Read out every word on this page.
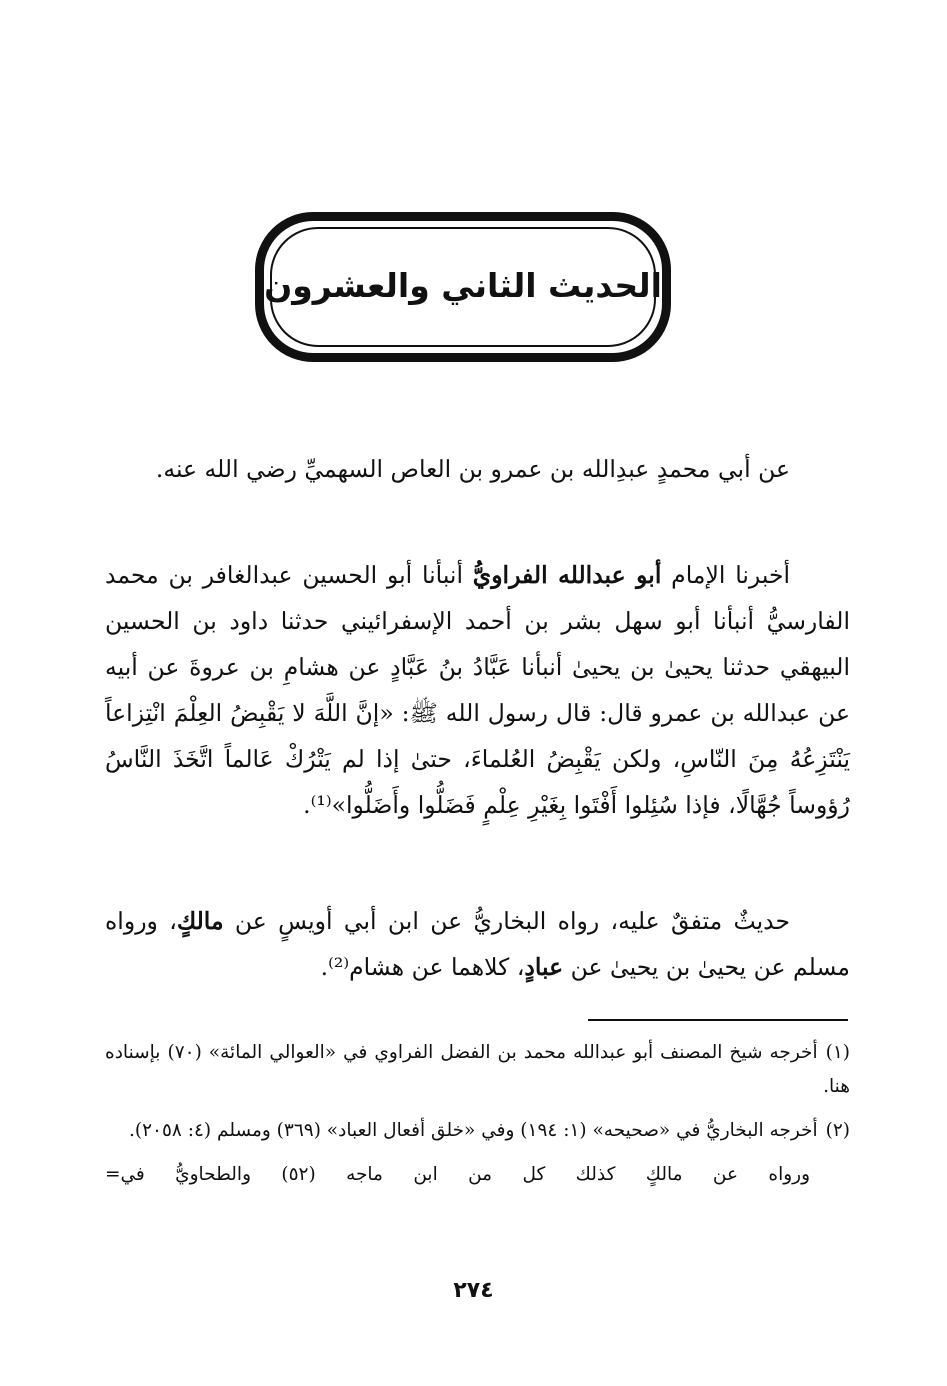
الحديث الثاني والعشرون

عن أبي محمدٍ عبدِالله بن عمرو بن العاص السهميِّ رضي الله عنه.

أخبرنا الإمام أبو عبدالله الفراويُّ أنبأنا أبو الحسين عبدالغافر بن محمد الفارسيُّ أنبأنا أبو سهل بشر بن أحمد الإسفرائيني حدثنا داود بن الحسين البيهقي حدثنا يحيىٰ بن يحيىٰ أنبأنا عَبَّادُ بنُ عَبَّادٍ عن هشامِ بن عروةَ عن أبيه عن عبدالله بن عمرو قال: قال رسول الله ﷺ: «إنَّ اللَّهَ لا يَقْبِضُ العِلْمَ انْتِزاعاً يَنْتَزِعُهُ مِنَ النّاسِ، ولكن يَقْبِضُ العُلماءَ، حتىٰ إذا لم يَتْرُكْ عَالماً اتَّخَذَ النَّاسُ رُؤوساً جُهَّالًا، فإذا سُئِلوا أَفْتَوا بِغَيْرِ عِلْمٍ فَضَلُّوا وأَضَلُّوا»⁽¹⁾.

حديثٌ متفقٌ عليه، رواه البخاريُّ عن ابن أبي أويسٍ عن مالكٍ، ورواه مسلم عن يحيىٰ بن يحيىٰ عن عبادٍ، كلاهما عن هشام⁽²⁾.

(١)أخرجه شيخ المصنف أبو عبدالله محمد بن الفضل الفراوي في «العوالي المائة» (٧٠) بإسناده هنا.

(٢)أخرجه البخاريُّ في «صحيحه» (١: ١٩٤) وفي «خلق أفعال العباد» (٣٦٩) ومسلم (٤: ٢٠٥٨).

ورواه عن مالكٍ كذلك كل من ابن ماجه (٥٢) والطحاويُّ في=

٢٧٤
